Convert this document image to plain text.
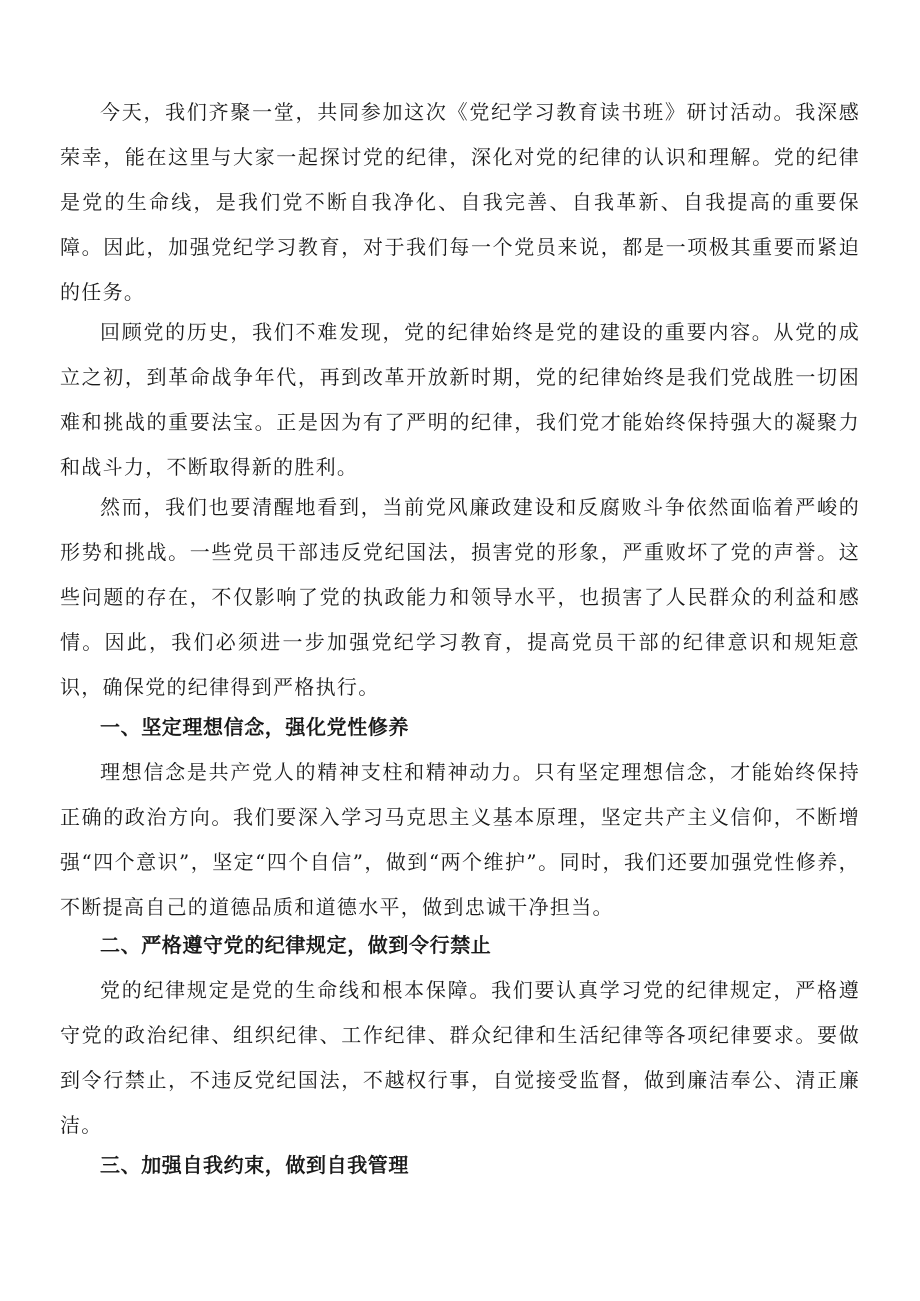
今天，我们齐聚一堂，共同参加这次《党纪学习教育读书班》研讨活动。我深感荣幸，能在这里与大家一起探讨党的纪律，深化对党的纪律的认识和理解。党的纪律是党的生命线，是我们党不断自我净化、自我完善、自我革新、自我提高的重要保障。因此，加强党纪学习教育，对于我们每一个党员来说，都是一项极其重要而紧迫的任务。

回顾党的历史，我们不难发现，党的纪律始终是党的建设的重要内容。从党的成立之初，到革命战争年代，再到改革开放新时期，党的纪律始终是我们党战胜一切困难和挑战的重要法宝。正是因为有了严明的纪律，我们党才能始终保持强大的凝聚力和战斗力，不断取得新的胜利。

然而，我们也要清醒地看到，当前党风廉政建设和反腐败斗争依然面临着严峻的形势和挑战。一些党员干部违反党纪国法，损害党的形象，严重败坏了党的声誉。这些问题的存在，不仅影响了党的执政能力和领导水平，也损害了人民群众的利益和感情。因此，我们必须进一步加强党纪学习教育，提高党员干部的纪律意识和规矩意识，确保党的纪律得到严格执行。

一、坚定理想信念，强化党性修养

理想信念是共产党人的精神支柱和精神动力。只有坚定理想信念，才能始终保持正确的政治方向。我们要深入学习马克思主义基本原理，坚定共产主义信仰，不断增强“四个意识”，坚定“四个自信”，做到“两个维护”。同时，我们还要加强党性修养，不断提高自己的道德品质和道德水平，做到忠诚干净担当。

二、严格遵守党的纪律规定，做到令行禁止

党的纪律规定是党的生命线和根本保障。我们要认真学习党的纪律规定，严格遵守党的政治纪律、组织纪律、工作纪律、群众纪律和生活纪律等各项纪律要求。要做到令行禁止，不违反党纪国法，不越权行事，自觉接受监督，做到廉洁奉公、清正廉洁。

三、加强自我约束，做到自我管理
